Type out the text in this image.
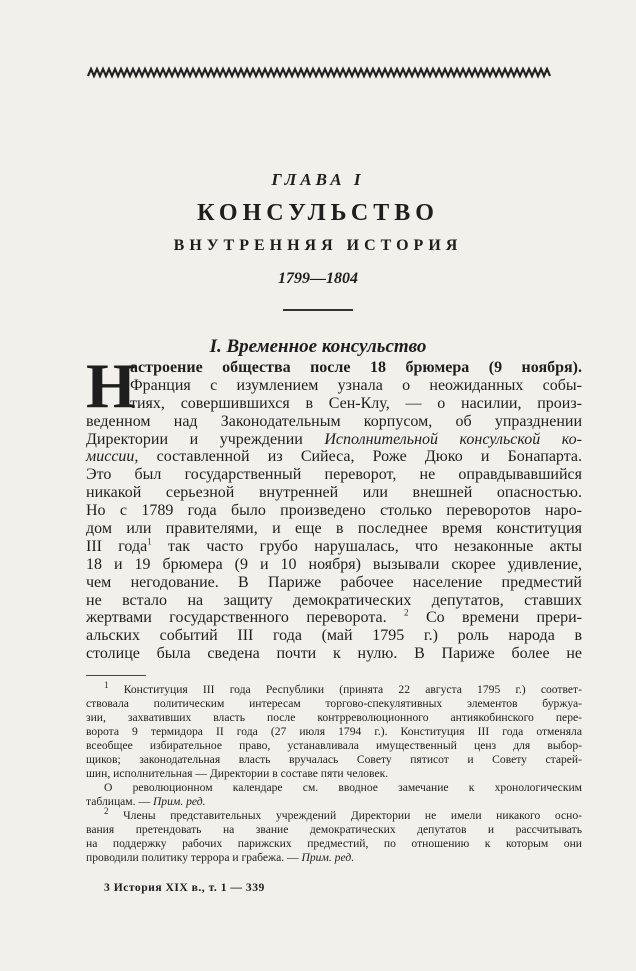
ГЛАВА I
КОНСУЛЬСТВО
ВНУТРЕННЯЯ ИСТОРИЯ
1799—1804
I. Временное консульство
Н
астроение общества после 18 брюмера (9 ноября).
Франция с изумлением узнала о неожиданных собы-
тиях, совершившихся в Сен-Клу, — о насилии, произ-
веденном над Законодательным корпусом, об упразднении
Директории и учреждении Исполнительной консульской ко-
миссии, составленной из Сийеса, Роже Дюко и Бонапарта.
Это был государственный переворот, не оправдывавшийся
никакой серьезной внутренней или внешней опасностью.
Но с 1789 года было произведено столько переворотов наро-
дом или правителями, и еще в последнее время конституция
III года$^1$ так часто грубо нарушалась, что незаконные акты
18 и 19 брюмера (9 и 10 ноября) вызывали скорее удивление,
чем негодование. В Париже рабочее население предместий
не встало на защиту демократических депутатов, ставших
жертвами государственного переворота. $^2$ Со времени прери-
альских событий III года (май 1795 г.) роль народа в
столице была сведена почти к нулю. В Париже более не
$^1$ Конституция III года Республики (принята 22 августа 1795 г.) соответ-
ствовала политическим интересам торгово-спекулятивных элементов буржуа-
зии, захвативших власть после контрреволюционного антиякобинского пере-
ворота 9 термидора II года (27 июля 1794 г.). Конституция III года отменяла
всеобщее избирательное право, устанавливала имущественный ценз для выбор-
щиков; законодательная власть вручалась Совету пятисот и Совету старей-
шин, исполнительная — Директории в составе пяти человек.
О революционном календаре см. вводное замечание к хронологическим
таблицам. — Прим. ред.
$^2$ Члены представительных учреждений Директории не имели никакого осно-
вания претендовать на звание демократических депутатов и рассчитывать
на поддержку рабочих парижских предместий, по отношению к которым они
проводили политику террора и грабежа. — Прим. ред.
3 История XIX в., т. 1 — 339
